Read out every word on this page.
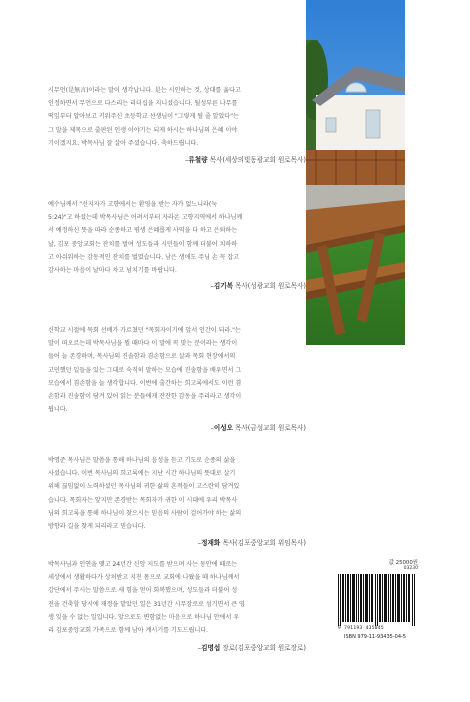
시무언(是無言)이라는 말이 생각납니다. 是는 시인하는 것, 상대를 옳다고
인정하면서 무언으로 다스리는 리더십을 지니셨습니다. 될성부른 나무를
떡잎부터 알아보고 키워주신 초등학교 선생님이 "그렇게 될 줄 알았다"는
그 말을 제목으로 출판된 인생 이야기는 되게 하시는 하나님의 은혜 이야
기이겠지요. 박목사님 잘 살아 주셨습니다. 축하드립니다.
–류철량 목사(세상의빛동광교회 원로목사)
예수님께서 "선지자가 고향에서는 환영을 받는 자가 없느니라(눅
5:24)"고 하셨는데 박목사님은 어려서부터 자라온 고향지역에서 하나님께
서 예정하신 뜻을 따라 순종하고 평생 은혜롭게 사역을 다 하고 은퇴하는
날, 김포 중앙교회는 잔치를 벌여 성도들과 시민들이 함께 더불어 치하하
고 아쉬워하는 감동적인 잔치를 벌였습니다. 남은 생애도 주님 손 꼭 잡고
감사하는 마음이 날마다 차고 넘치기를 바랍니다.
–김기복 목사(성광교회 원로목사)
신학교 시절에 목회 선배가 가르쳤던 "목회자이기에 앞서 인간이 되라."는
말이 떠오르는데 박목사님을 뵐 때마다 이 말에 꼭 맞는 분이라는 생각이
들어 늘 존경하며, 목사님의 진솔함과 겸손함으로 살과 목회 현장에서의
고민했던 일들을 있는 그대로 숙직히 말하는 모습에 진솔함을 배우면서 그
모습에서 겸손함을 늘 생각합니다. 이번에 출간하는 희고록에서도 이런 겸
손함과 진솔함이 담겨 있어 읽는 분들에게 잔잔한 감동을 주리라고 생각이
됩니다.
–이성오 목사(금성교회 원로목사)
박명준 목사님은 말씀을 통해 하나님의 음성을 듣고 기도로 순종의 삶을
사셨습니다. 이번 목사님의 희고록에는 지난 시간 하나님의 뜻대로 살기
위해 끊임없이 노력하셨던 목사님의 귀한 삶의 흔적들이 고스란히 담겨있
습니다. 목회자는 앞지만 존경받는 목회자가 귀한 이 시대에 우리 박목사
님의 희고록을 통해 하나님이 찾으시는 믿음의 사람이 걸어가야 하는 삶의
방향과 길을 찾게 되리라고 믿습니다.
–정재화 목사(김포중앙교회 위임목사)
박목사님과 인연을 맺고 24년간 신앙 지도를 받으며 사는 동안에 때로는
세상에서 생활하다가 상처받고 지친 몸으로 교회에 나왔을 때 하나님께서
강단에서 주시는 말씀으로 새 힘을 얻어 회복했으며, 성도들과 더불어 성
전을 건축할 당시에 재정을 맡았던 일은 31년간 시무장로로 섬기면서 큰 영
생 잊을 수 없는 일입니다. 앞으로도 변함없는 마음으로 하나님 안에서 우
리 김포중앙교회 가족으로 함께 남아 계시기를 기도드립니다.
–김명섭 장로(김포중앙교회 원로장로)
값 25000원
03230
9 791193 435045
ISBN 979-11-93435-04-5
